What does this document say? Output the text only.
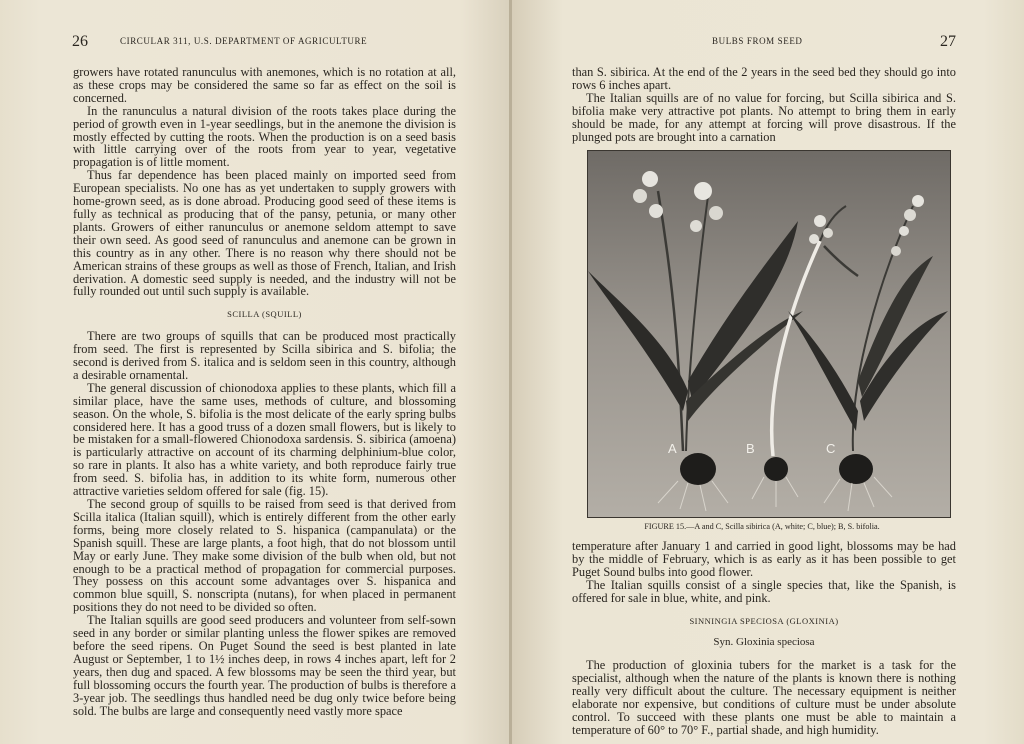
26	CIRCULAR 311, U.S. DEPARTMENT OF AGRICULTURE

growers have rotated ranunculus with anemones, which is no rotation at all, as these crops may be considered the same so far as effect on the soil is concerned.

In the ranunculus a natural division of the roots takes place during the period of growth even in 1-year seedlings, but in the anemone the division is mostly effected by cutting the roots. When the production is on a seed basis with little carrying over of the roots from year to year, vegetative propagation is of little moment.

Thus far dependence has been placed mainly on imported seed from European specialists. No one has as yet undertaken to supply growers with home-grown seed, as is done abroad. Producing good seed of these items is fully as technical as producing that of the pansy, petunia, or many other plants. Growers of either ranunculus or anemone seldom attempt to save their own seed. As good seed of ranunculus and anemone can be grown in this country as in any other. There is no reason why there should not be American strains of these groups as well as those of French, Italian, and Irish derivation. A domestic seed supply is needed, and the industry will not be fully rounded out until such supply is available.

SCILLA (SQUILL)

There are two groups of squills that can be produced most practically from seed. The first is represented by Scilla sibirica and S. bifolia; the second is derived from S. italica and is seldom seen in this country, although a desirable ornamental.

The general discussion of chionodoxa applies to these plants, which fill a similar place, have the same uses, methods of culture, and blossoming season. On the whole, S. bifolia is the most delicate of the early spring bulbs considered here. It has a good truss of a dozen small flowers, but is likely to be mistaken for a small-flowered Chionodoxa sardensis. S. sibirica (amoena) is particularly attractive on account of its charming delphinium-blue color, so rare in plants. It also has a white variety, and both reproduce fairly true from seed. S. bifolia has, in addition to its white form, numerous other attractive varieties seldom offered for sale (fig. 15).

The second group of squills to be raised from seed is that derived from Scilla italica (Italian squill), which is entirely different from the other early forms, being more closely related to S. hispanica (campanulata) or the Spanish squill. These are large plants, a foot high, that do not blossom until May or early June. They make some division of the bulb when old, but not enough to be a practical method of propagation for commercial purposes. They possess on this account some advantages over S. hispanica and common blue squill, S. nonscripta (nutans), for when placed in permanent positions they do not need to be divided so often.

The Italian squills are good seed producers and volunteer from self-sown seed in any border or similar planting unless the flower spikes are removed before the seed ripens. On Puget Sound the seed is best planted in late August or September, 1 to 1½ inches deep, in rows 4 inches apart, left for 2 years, then dug and spaced. A few blossoms may be seen the third year, but full blossoming occurs the fourth year. The production of bulbs is therefore a 3-year job. The seedlings thus handled need be dug only twice before being sold. The bulbs are large and consequently need vastly more space

BULBS FROM SEED	27

than S. sibirica. At the end of the 2 years in the seed bed they should go into rows 6 inches apart.

The Italian squills are of no value for forcing, but Scilla sibirica and S. bifolia make very attractive pot plants. No attempt to bring them in early should be made, for any attempt at forcing will prove disastrous. If the plunged pots are brought into a carnation

A	B	C
FIGURE 15.—A and C, Scilla sibirica (A, white; C, blue); B, S. bifolia.

temperature after January 1 and carried in good light, blossoms may be had by the middle of February, which is as early as it has been possible to get Puget Sound bulbs into good flower.

The Italian squills consist of a single species that, like the Spanish, is offered for sale in blue, white, and pink.

SINNINGIA SPECIOSA (GLOXINIA)
Syn. Gloxinia speciosa

The production of gloxinia tubers for the market is a task for the specialist, although when the nature of the plants is known there is nothing really very difficult about the culture. The necessary equipment is neither elaborate nor expensive, but conditions of culture must be under absolute control. To succeed with these plants one must be able to maintain a temperature of 60° to 70° F., partial shade, and high humidity.
